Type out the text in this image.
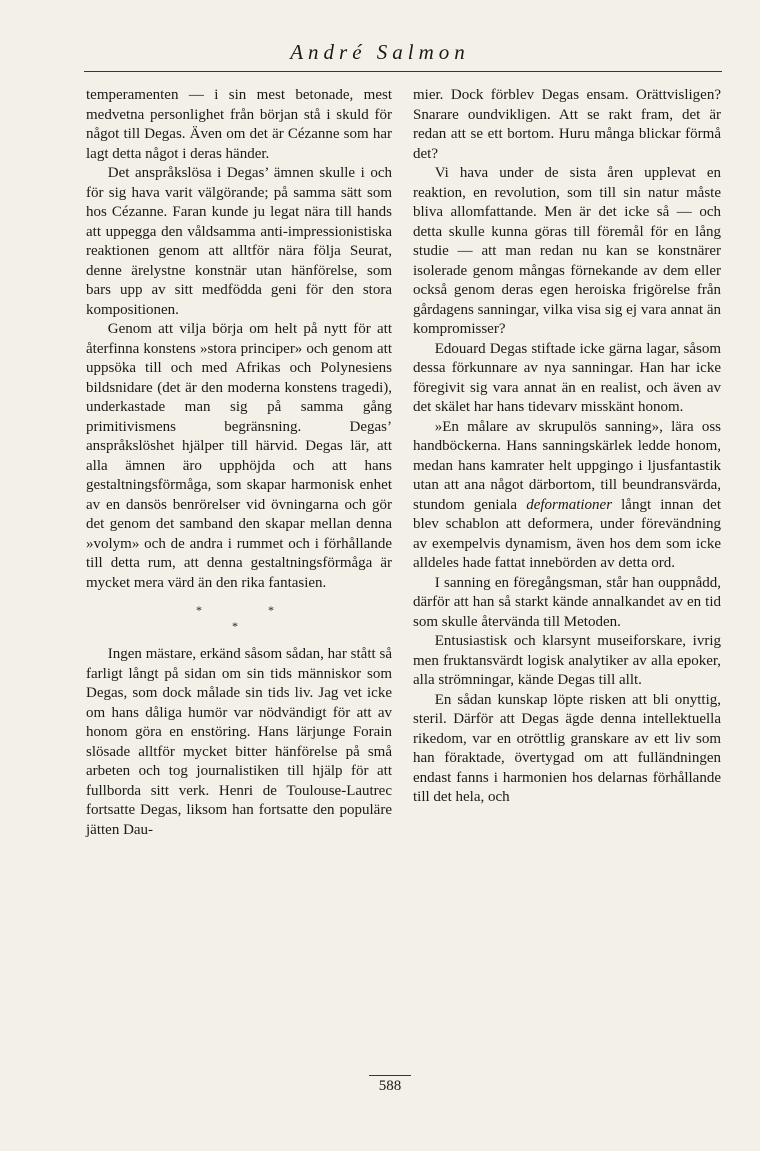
André Salmon

temperamenten — i sin mest betonade, mest medvetna personlighet från början stå i skuld för något till Degas. Även om det är Cézanne som har lagt detta något i deras händer.

Det anspråkslösa i Degas’ ämnen skulle i och för sig hava varit välgörande; på samma sätt som hos Cézanne. Faran kunde ju legat nära till hands att uppegga den våldsamma anti-impressionistiska reaktionen genom att alltför nära följa Seurat, denne ärelystne konstnär utan hänförelse, som bars upp av sitt medfödda geni för den stora kompositionen.

Genom att vilja börja om helt på nytt för att återfinna konstens »stora principer» och genom att uppsöka till och med Afrikas och Polynesiens bildsnidare (det är den moderna konstens tragedi), underkastade man sig på samma gång primitivismens begränsning. Degas’ anspråkslöshet hjälper till härvid. Degas lär, att alla ämnen äro upphöjda och att hans gestaltningsförmåga, som skapar harmonisk enhet av en dansös benrörelser vid övningarna och gör det genom det samband den skapar mellan denna »volym» och de andra i rummet och i förhållande till detta rum, att denna gestaltningsförmåga är mycket mera värd än den rika fantasien.

*	*
*

Ingen mästare, erkänd såsom sådan, har stått så farligt långt på sidan om sin tids människor som Degas, som dock målade sin tids liv. Jag vet icke om hans dåliga humör var nödvändigt för att av honom göra en enstöring. Hans lärjunge Forain slösade alltför mycket bitter hänförelse på små arbeten och tog journalistiken till hjälp för att fullborda sitt verk. Henri de Toulouse-Lautrec fortsatte Degas, liksom han fortsatte den populäre jätten Dau-

mier. Dock förblev Degas ensam. Orättvisligen? Snarare oundvikligen. Att se rakt fram, det är redan att se ett bortom. Huru många blickar förmå det?

Vi hava under de sista åren upplevat en reaktion, en revolution, som till sin natur måste bliva allomfattande. Men är det icke så — och detta skulle kunna göras till föremål för en lång studie — att man redan nu kan se konstnärer isolerade genom mångas förnekande av dem eller också genom deras egen heroiska frigörelse från gårdagens sanningar, vilka visa sig ej vara annat än kompromisser?

Edouard Degas stiftade icke gärna lagar, såsom dessa förkunnare av nya sanningar. Han har icke föregivit sig vara annat än en realist, och även av det skälet har hans tidevarv misskänt honom.

»En målare av skrupulös sanning», lära oss handböckerna. Hans sanningskärlek ledde honom, medan hans kamrater helt uppgingo i ljusfantastik utan att ana något därbortom, till beundransvärda, stundom geniala deformationer långt innan det blev schablon att deformera, under förevändning av exempelvis dynamism, även hos dem som icke alldeles hade fattat innebörden av detta ord.

I sanning en föregångsman, står han ouppnådd, därför att han så starkt kände annalkandet av en tid som skulle återvända till Metoden.

Entusiastisk och klarsynt museiforskare, ivrig men fruktansvärdt logisk analytiker av alla epoker, alla strömningar, kände Degas till allt.

En sådan kunskap löpte risken att bli onyttig, steril. Därför att Degas ägde denna intellektuella rikedom, var en otröttlig granskare av ett liv som han föraktade, övertygad om att fulländningen endast fanns i harmonien hos delarnas förhållande till det hela, och

588
